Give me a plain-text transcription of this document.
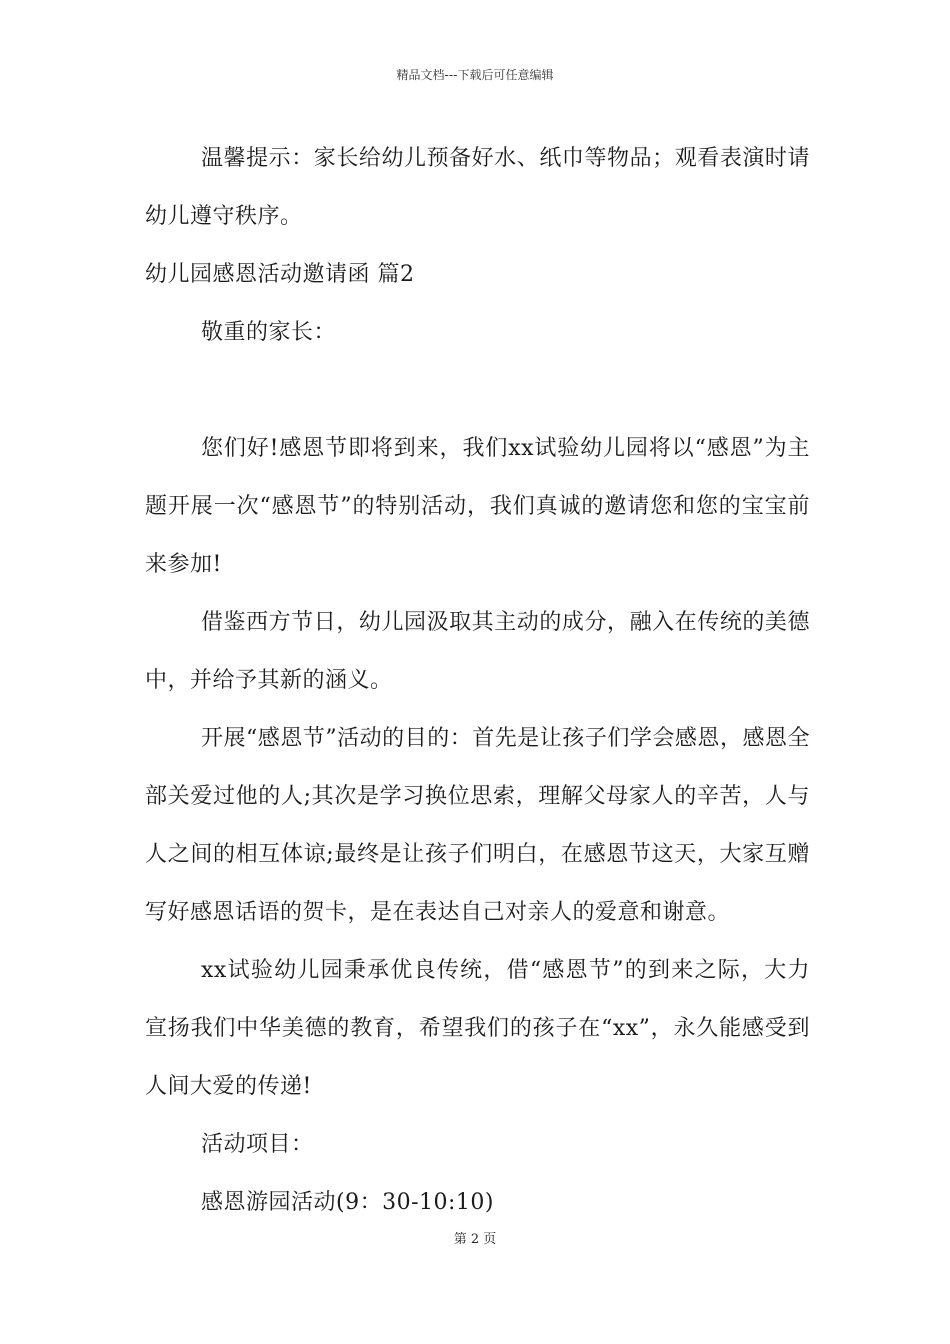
精品文档---下载后可任意编辑

温馨提示：家长给幼儿预备好水、纸巾等物品；观看表演时请幼儿遵守秩序。

幼儿园感恩活动邀请函 篇2

敬重的家长：

您们好!感恩节即将到来，我们xx试验幼儿园将以“感恩”为主题开展一次“感恩节”的特别活动，我们真诚的邀请您和您的宝宝前来参加!

借鉴西方节日，幼儿园汲取其主动的成分，融入在传统的美德中，并给予其新的涵义。

开展“感恩节”活动的目的：首先是让孩子们学会感恩，感恩全部关爱过他的人;其次是学习换位思索，理解父母家人的辛苦，人与人之间的相互体谅;最终是让孩子们明白，在感恩节这天，大家互赠写好感恩话语的贺卡，是在表达自己对亲人的爱意和谢意。

xx试验幼儿园秉承优良传统，借“感恩节”的到来之际，大力宣扬我们中华美德的教育，希望我们的孩子在“xx”，永久能感受到人间大爱的传递!

活动项目：

感恩游园活动(9：30-10:10)

第 2 页
